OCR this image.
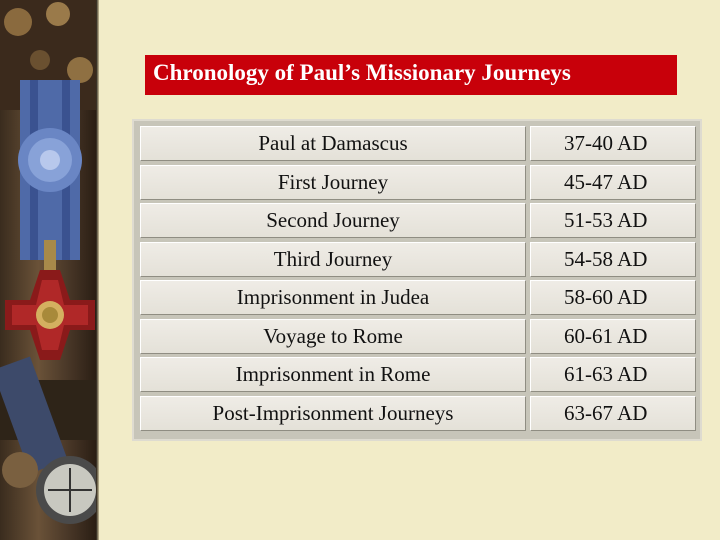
Chronology of Paul’s Missionary Journeys
Paul at Damascus	37-40 AD
First Journey	45-47 AD
Second Journey	51-53 AD
Third Journey	54-58 AD
Imprisonment in Judea	58-60 AD
Voyage to Rome	60-61 AD
Imprisonment in Rome	61-63 AD
Post-Imprisonment Journeys	63-67 AD
